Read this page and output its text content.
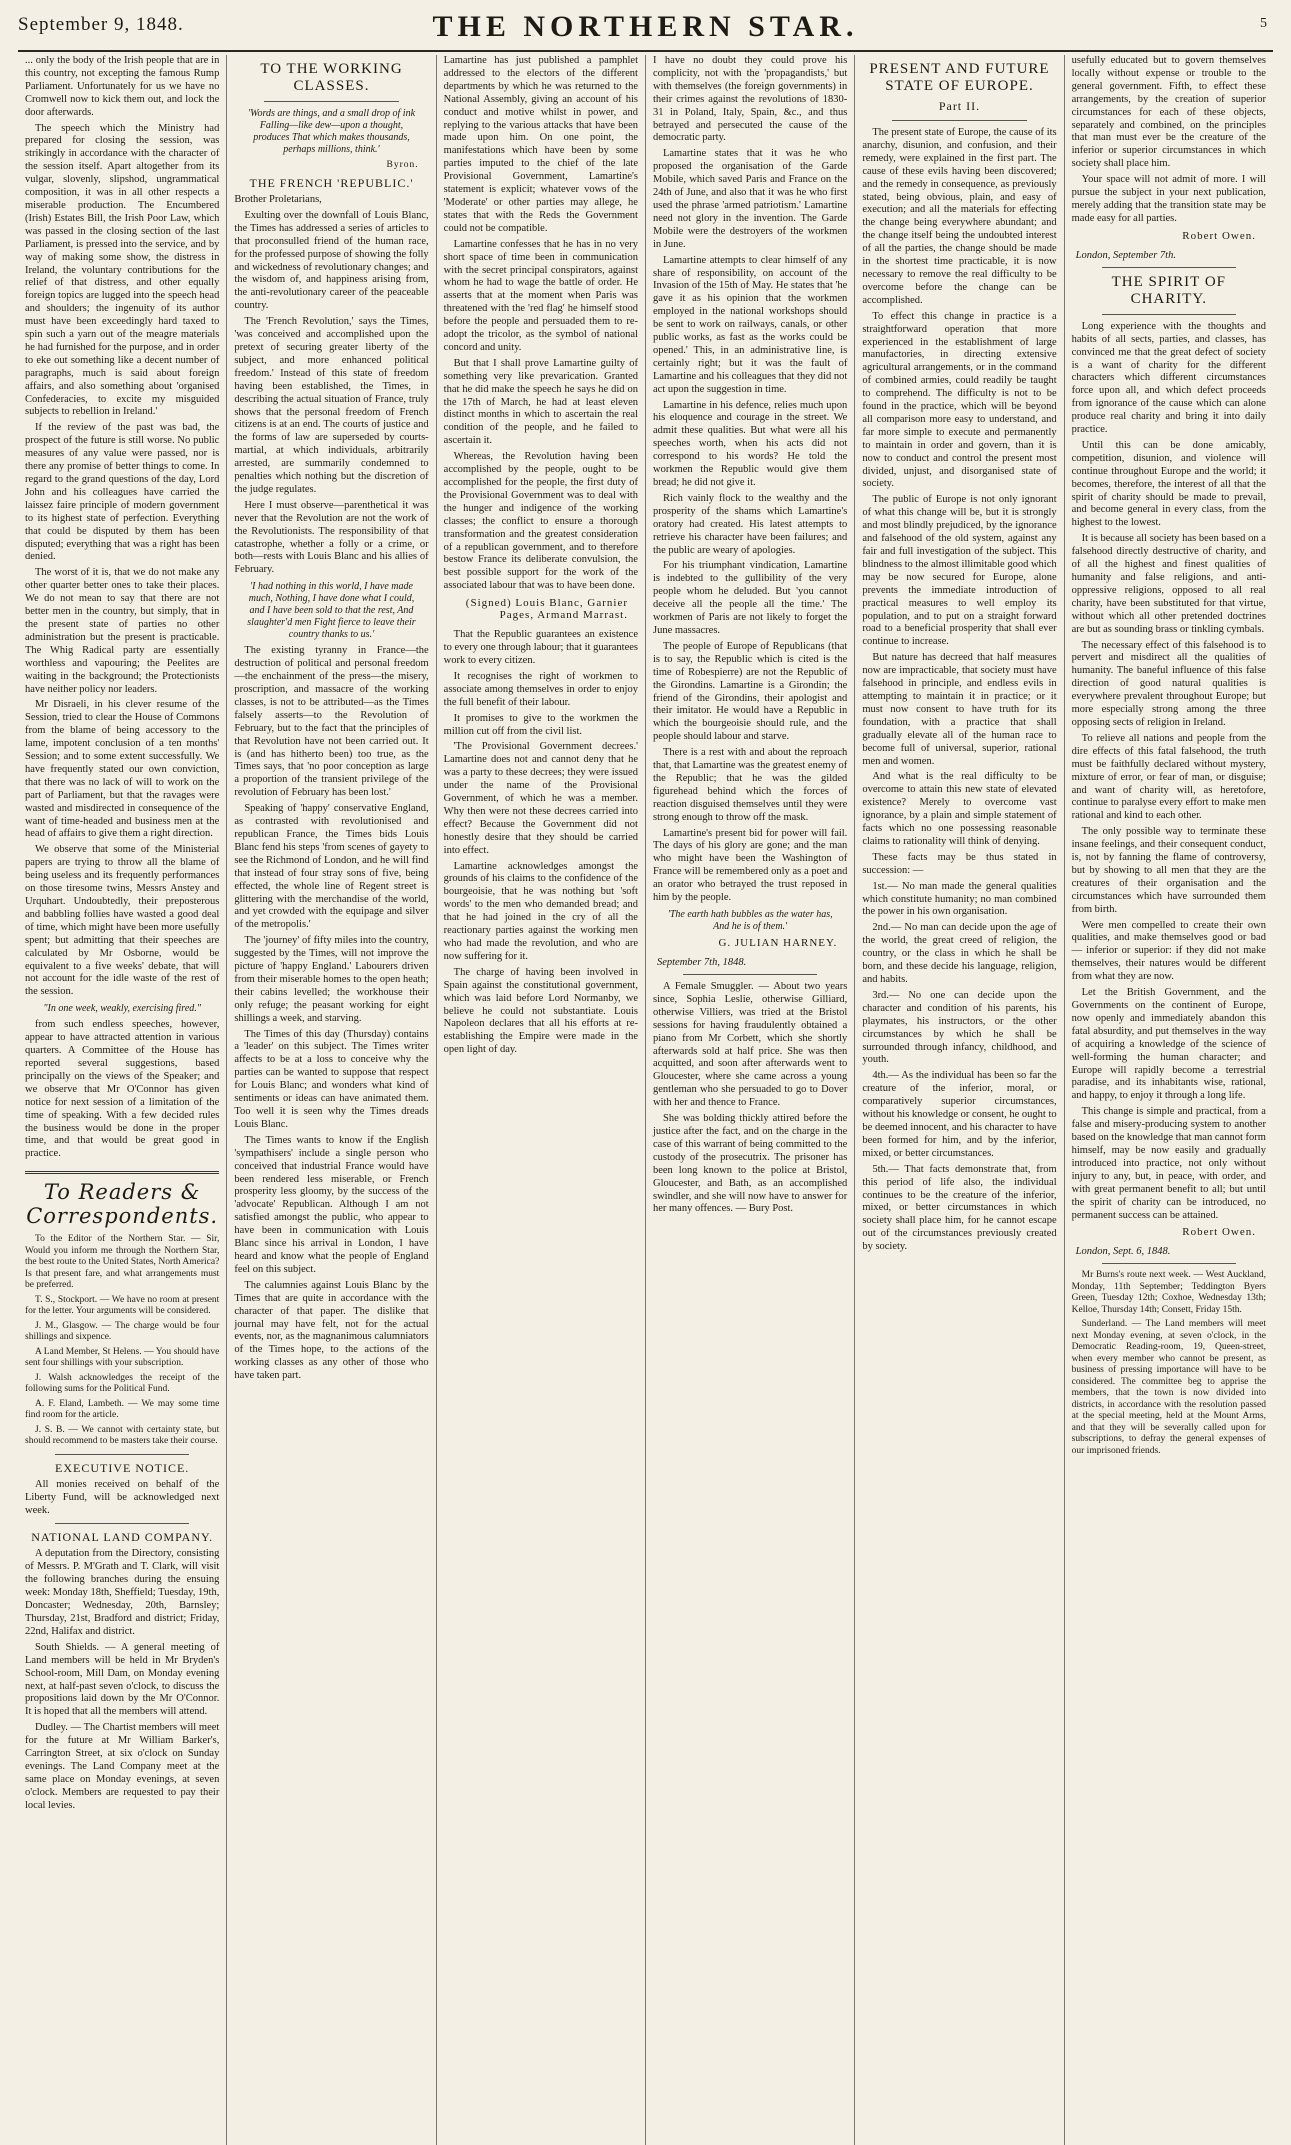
September 9, 1848.	THE NORTHERN STAR.	5

... only the body of the Irish people that are in this country, not excepting the famous Rump Parliament. Unfortunately for us we have no Cromwell now to kick them out, and lock the door afterwards.

The speech which the Ministry had prepared for closing the session, was strikingly in accordance with the character of the session itself. Apart altogether from its vulgar, slovenly, slipshod, ungrammatical composition, it was in all other respects a miserable production. The Encumbered (Irish) Estates Bill, the Irish Poor Law, which was passed in the closing section of the last Parliament, is pressed into the service, and by way of making some show, the distress in Ireland, the voluntary contributions for the relief of that distress, and other equally foreign topics are lugged into the speech head and shoulders; the ingenuity of its author must have been exceedingly hard taxed to spin such a yarn out of the meagre materials he had furnished for the purpose, and in order to eke out something like a decent number of paragraphs, much is said about foreign affairs, and also something about 'organised Confederacies, to excite my misguided subjects to rebellion in Ireland.'

If the review of the past was bad, the prospect of the future is still worse. No public measures of any value were passed, nor is there any promise of better things to come. In regard to the grand questions of the day, Lord John and his colleagues have carried the laissez faire principle of modern government to its highest state of perfection. Everything that could be disputed by them has been disputed; everything that was a right has been denied.

The worst of it is, that we do not make any other quarter better ones to take their places. We do not mean to say that there are not better men in the country, but simply, that in the present state of parties no other administration but the present is practicable. The Whig Radical party are essentially worthless and vapouring; the Peelites are waiting in the background; the Protectionists have neither policy nor leaders.

Mr Disraeli, in his clever resume of the Session, tried to clear the House of Commons from the blame of being accessory to the lame, impotent conclusion of a ten months' Session; and to some extent successfully. We have frequently stated our own conviction, that there was no lack of will to work on the part of Parliament, but that the ravages were wasted and misdirected in consequence of the want of time-headed and business men at the head of affairs to give them a right direction.

We observe that some of the Ministerial papers are trying to throw all the blame of being useless and its frequently performances on those tiresome twins, Messrs Anstey and Urquhart. Undoubtedly, their preposterous and babbling follies have wasted a good deal of time, which might have been more usefully spent; but admitting that their speeches are calculated by Mr Osborne, would be equivalent to a five weeks' debate, that will not account for the idle waste of the rest of the session.

"In one week, weakly, exercising fired."

from such endless speeches, however, appear to have attracted attention in various quarters. A Committee of the House has reported several suggestions, based principally on the views of the Speaker; and we observe that Mr O'Connor has given notice for next session of a limitation of the time of speaking. With a few decided rules the business would be done in the proper time, and that would be great good in practice.

To Readers & Correspondents.

To the Editor of the Northern Star. — Sir, Would you inform me through the Northern Star, the best route to the United States, North America? Is that present fare, and what arrangements must be preferred.

T. S., Stockport. — We have no room at present for the letter. Your arguments will be considered.

J. M., Glasgow. — The charge would be four shillings and sixpence.

A Land Member, St Helens. — You should have sent four shillings with your subscription.

J. Walsh acknowledges the receipt of the following sums for the Political Fund.

A. F. Eland, Lambeth. — We may some time find room for the article.

J. S. B. — We cannot with certainty state, but should recommend to be masters take their course.

EXECUTIVE NOTICE.

All monies received on behalf of the Liberty Fund, will be acknowledged next week.

NATIONAL LAND COMPANY.

A deputation from the Directory, consisting of Messrs. P. M'Grath and T. Clark, will visit the following branches during the ensuing week: Monday 18th, Sheffield; Tuesday, 19th, Doncaster; Wednesday, 20th, Barnsley; Thursday, 21st, Bradford and district; Friday, 22nd, Halifax and district.

South Shields. — A general meeting of Land members will be held in Mr Bryden's School-room, Mill Dam, on Monday evening next, at half-past seven o'clock, to discuss the propositions laid down by the Mr O'Connor. It is hoped that all the members will attend.

Dudley. — The Chartist members will meet for the future at Mr William Barker's, Carrington Street, at six o'clock on Sunday evenings. The Land Company meet at the same place on Monday evenings, at seven o'clock. Members are requested to pay their local levies.

TO THE WORKING CLASSES.
'Words are things, and a small drop of ink Falling—like dew—upon a thought, produces That which makes thousands, perhaps millions, think.'
Byron.
THE FRENCH 'REPUBLIC.'

Brother Proletarians,

Exulting over the downfall of Louis Blanc, the Times has addressed a series of articles to that proconsulled friend of the human race, for the professed purpose of showing the folly and wickedness of revolutionary changes; and the wisdom of, and happiness arising from, the anti-revolutionary career of the peaceable country.

The 'French Revolution,' says the Times, 'was conceived and accomplished upon the pretext of securing greater liberty of the subject, and more enhanced political freedom.' Instead of this state of freedom having been established, the Times, in describing the actual situation of France, truly shows that the personal freedom of French citizens is at an end. The courts of justice and the forms of law are superseded by courts-martial, at which individuals, arbitrarily arrested, are summarily condemned to penalties which nothing but the discretion of the judge regulates.

Here I must observe—parenthetical it was never that the Revolution are not the work of the Revolutionists. The responsibility of that catastrophe, whether a folly or a crime, or both—rests with Louis Blanc and his allies of February.

'I had nothing in this world, I have made much, Nothing, I have done what I could, and I have been sold to that the rest, And slaughter'd men Fight fierce to leave their country thanks to us.'

The existing tyranny in France—the destruction of political and personal freedom—the enchainment of the press—the misery, proscription, and massacre of the working classes, is not to be attributed—as the Times falsely asserts—to the Revolution of February, but to the fact that the principles of that Revolution have not been carried out. It is (and has hitherto been) too true, as the Times says, that 'no poor conception as large a proportion of the transient privilege of the revolution of February has been lost.'

Speaking of 'happy' conservative England, as contrasted with revolutionised and republican France, the Times bids Louis Blanc fend his steps 'from scenes of gayety to see the Richmond of London, and he will find that instead of four stray sons of five, being effected, the whole line of Regent street is glittering with the merchandise of the world, and yet crowded with the equipage and silver of the metropolis.'

The 'journey' of fifty miles into the country, suggested by the Times, will not improve the picture of 'happy England.' Labourers driven from their miserable homes to the open heath; their cabins levelled; the workhouse their only refuge; the peasant working for eight shillings a week, and starving.

The Times of this day (Thursday) contains a 'leader' on this subject. The Times writer affects to be at a loss to conceive why the parties can be wanted to suppose that respect for Louis Blanc; and wonders what kind of sentiments or ideas can have animated them. Too well it is seen why the Times dreads Louis Blanc.

The Times wants to know if the English 'sympathisers' include a single person who conceived that industrial France would have been rendered less miserable, or French prosperity less gloomy, by the success of the 'advocate' Republican. Although I am not satisfied amongst the public, who appear to have been in communication with Louis Blanc since his arrival in London, I have heard and know what the people of England feel on this subject.

The calumnies against Louis Blanc by the Times that are quite in accordance with the character of that paper. The dislike that journal may have felt, not for the actual events, nor, as the magnanimous calumniators of the Times hope, to the actions of the working classes as any other of those who have taken part.

Lamartine has just published a pamphlet addressed to the electors of the different departments by which he was returned to the National Assembly, giving an account of his conduct and motive whilst in power, and replying to the various attacks that have been made upon him. On one point, the manifestations which have been by some parties imputed to the chief of the late Provisional Government, Lamartine's statement is explicit; whatever vows of the 'Moderate' or other parties may allege, he states that with the Reds the Government could not be compatible.

Lamartine confesses that he has in no very short space of time been in communication with the secret principal conspirators, against whom he had to wage the battle of order. He asserts that at the moment when Paris was threatened with the 'red flag' he himself stood before the people and persuaded them to re-adopt the tricolor, as the symbol of national concord and unity.

But that I shall prove Lamartine guilty of something very like prevarication. Granted that he did make the speech he says he did on the 17th of March, he had at least eleven distinct months in which to ascertain the real condition of the people, and he failed to ascertain it.

Whereas, the Revolution having been accomplished by the people, ought to be accomplished for the people, the first duty of the Provisional Government was to deal with the hunger and indigence of the working classes; the conflict to ensure a thorough transformation and the greatest consideration of a republican government, and to therefore bestow France its deliberate convulsion, the best possible support for the work of the associated labour that was to have been done.

(Signed) Louis Blanc, Garnier Pages, Armand Marrast.

That the Republic guarantees an existence to every one through labour; that it guarantees work to every citizen.

It recognises the right of workmen to associate among themselves in order to enjoy the full benefit of their labour.

It promises to give to the workmen the million cut off from the civil list.

'The Provisional Government decrees.' Lamartine does not and cannot deny that he was a party to these decrees; they were issued under the name of the Provisional Government, of which he was a member. Why then were not these decrees carried into effect? Because the Government did not honestly desire that they should be carried into effect.

Lamartine acknowledges amongst the grounds of his claims to the confidence of the bourgeoisie, that he was nothing but 'soft words' to the men who demanded bread; and that he had joined in the cry of all the reactionary parties against the working men who had made the revolution, and who are now suffering for it.

The charge of having been involved in Spain against the constitutional government, which was laid before Lord Normanby, we believe he could not substantiate. Louis Napoleon declares that all his efforts at re-establishing the Empire were made in the open light of day.

I have no doubt they could prove his complicity, not with the 'propagandists,' but with themselves (the foreign governments) in their crimes against the revolutions of 1830-31 in Poland, Italy, Spain, &c., and thus betrayed and persecuted the cause of the democratic party.

Lamartine states that it was he who proposed the organisation of the Garde Mobile, which saved Paris and France on the 24th of June, and also that it was he who first used the phrase 'armed patriotism.' Lamartine need not glory in the invention. The Garde Mobile were the destroyers of the workmen in June.

Lamartine attempts to clear himself of any share of responsibility, on account of the Invasion of the 15th of May. He states that 'he gave it as his opinion that the workmen employed in the national workshops should be sent to work on railways, canals, or other public works, as fast as the works could be opened.' This, in an administrative line, is certainly right; but it was the fault of Lamartine and his colleagues that they did not act upon the suggestion in time.

Lamartine in his defence, relies much upon his eloquence and courage in the street. We admit these qualities. But what were all his speeches worth, when his acts did not correspond to his words? He told the workmen the Republic would give them bread; he did not give it.

Rich vainly flock to the wealthy and the prosperity of the shams which Lamartine's oratory had created. His latest attempts to retrieve his character have been failures; and the public are weary of apologies.

For his triumphant vindication, Lamartine is indebted to the gullibility of the very people whom he deluded. But 'you cannot deceive all the people all the time.' The workmen of Paris are not likely to forget the June massacres.

The people of Europe of Republicans (that is to say, the Republic which is cited is the time of Robespierre) are not the Republic of the Girondins. Lamartine is a Girondin; the friend of the Girondins, their apologist and their imitator. He would have a Republic in which the bourgeoisie should rule, and the people should labour and starve.

There is a rest with and about the reproach that, that Lamartine was the greatest enemy of the Republic; that he was the gilded figurehead behind which the forces of reaction disguised themselves until they were strong enough to throw off the mask.

Lamartine's present bid for power will fail. The days of his glory are gone; and the man who might have been the Washington of France will be remembered only as a poet and an orator who betrayed the trust reposed in him by the people.

'The earth hath bubbles as the water has, And he is of them.'
G. JULIAN HARNEY.
September 7th, 1848.

A Female Smuggler. — About two years since, Sophia Leslie, otherwise Gilliard, otherwise Villiers, was tried at the Bristol sessions for having fraudulently obtained a piano from Mr Corbett, which she shortly afterwards sold at half price. She was then acquitted, and soon after afterwards went to Gloucester, where she came across a young gentleman who she persuaded to go to Dover with her and thence to France.

She was bolding thickly attired before the justice after the fact, and on the charge in the case of this warrant of being committed to the custody of the prosecutrix. The prisoner has been long known to the police at Bristol, Gloucester, and Bath, as an accomplished swindler, and she will now have to answer for her many offences. — Bury Post.

PRESENT AND FUTURE STATE OF EUROPE.
Part II.

The present state of Europe, the cause of its anarchy, disunion, and confusion, and their remedy, were explained in the first part. The cause of these evils having been discovered; and the remedy in consequence, as previously stated, being obvious, plain, and easy of execution; and all the materials for effecting the change being everywhere abundant; and the change itself being the undoubted interest of all the parties, the change should be made in the shortest time practicable, it is now necessary to remove the real difficulty to be overcome before the change can be accomplished.

To effect this change in practice is a straightforward operation that more experienced in the establishment of large manufactories, in directing extensive agricultural arrangements, or in the command of combined armies, could readily be taught to comprehend. The difficulty is not to be found in the practice, which will be beyond all comparison more easy to understand, and far more simple to execute and permanently to maintain in order and govern, than it is now to conduct and control the present most divided, unjust, and disorganised state of society.

The public of Europe is not only ignorant of what this change will be, but it is strongly and most blindly prejudiced, by the ignorance and falsehood of the old system, against any fair and full investigation of the subject. This blindness to the almost illimitable good which may be now secured for Europe, alone prevents the immediate introduction of practical measures to well employ its population, and to put on a straight forward road to a beneficial prosperity that shall ever continue to increase.

But nature has decreed that half measures now are impracticable, that society must have falsehood in principle, and endless evils in attempting to maintain it in practice; or it must now consent to have truth for its foundation, with a practice that shall gradually elevate all of the human race to become full of universal, superior, rational men and women.

And what is the real difficulty to be overcome to attain this new state of elevated existence? Merely to overcome vast ignorance, by a plain and simple statement of facts which no one possessing reasonable claims to rationality will think of denying.

These facts may be thus stated in succession: —

1st.— No man made the general qualities which constitute humanity; no man combined the power in his own organisation.

2nd.— No man can decide upon the age of the world, the great creed of religion, the country, or the class in which he shall be born, and these decide his language, religion, and habits.

3rd.— No one can decide upon the character and condition of his parents, his playmates, his instructors, or the other circumstances by which he shall be surrounded through infancy, childhood, and youth.

4th.— As the individual has been so far the creature of the inferior, moral, or comparatively superior circumstances, without his knowledge or consent, he ought to be deemed innocent, and his character to have been formed for him, and by the inferior, mixed, or better circumstances.

5th.— That facts demonstrate that, from this period of life also, the individual continues to be the creature of the inferior, mixed, or better circumstances in which society shall place him, for he cannot escape out of the circumstances previously created by society.

usefully educated but to govern themselves locally without expense or trouble to the general government. Fifth, to effect these arrangements, by the creation of superior circumstances for each of these objects, separately and combined, on the principles that man must ever be the creature of the inferior or superior circumstances in which society shall place him.

Your space will not admit of more. I will pursue the subject in your next publication, merely adding that the transition state may be made easy for all parties.

Robert Owen.
London, September 7th.
THE SPIRIT OF CHARITY.

Long experience with the thoughts and habits of all sects, parties, and classes, has convinced me that the great defect of society is a want of charity for the different characters which different circumstances force upon all, and which defect proceeds from ignorance of the cause which can alone produce real charity and bring it into daily practice.

Until this can be done amicably, competition, disunion, and violence will continue throughout Europe and the world; it becomes, therefore, the interest of all that the spirit of charity should be made to prevail, and become general in every class, from the highest to the lowest.

It is because all society has been based on a falsehood directly destructive of charity, and of all the highest and finest qualities of humanity and false religions, and anti-oppressive religions, opposed to all real charity, have been substituted for that virtue, without which all other pretended doctrines are but as sounding brass or tinkling cymbals.

The necessary effect of this falsehood is to pervert and misdirect all the qualities of humanity. The baneful influence of this false direction of good natural qualities is everywhere prevalent throughout Europe; but more especially strong among the three opposing sects of religion in Ireland.

To relieve all nations and people from the dire effects of this fatal falsehood, the truth must be faithfully declared without mystery, mixture of error, or fear of man, or disguise; and want of charity will, as heretofore, continue to paralyse every effort to make men rational and kind to each other.

The only possible way to terminate these insane feelings, and their consequent conduct, is, not by fanning the flame of controversy, but by showing to all men that they are the creatures of their organisation and the circumstances which have surrounded them from birth.

Were men compelled to create their own qualities, and make themselves good or bad — inferior or superior: if they did not make themselves, their natures would be different from what they are now.

Let the British Government, and the Governments on the continent of Europe, now openly and immediately abandon this fatal absurdity, and put themselves in the way of acquiring a knowledge of the science of well-forming the human character; and Europe will rapidly become a terrestrial paradise, and its inhabitants wise, rational, and happy, to enjoy it through a long life.

This change is simple and practical, from a false and misery-producing system to another based on the knowledge that man cannot form himself, may be now easily and gradually introduced into practice, not only without injury to any, but, in peace, with order, and with great permanent benefit to all; but until the spirit of charity can be introduced, no permanent success can be attained.

Robert Owen.
London, Sept. 6, 1848.

Mr Burns's route next week. — West Auckland, Monday, 11th September; Teddington Byers Green, Tuesday 12th; Coxhoe, Wednesday 13th; Kelloe, Thursday 14th; Consett, Friday 15th.

Sunderland. — The Land members will meet next Monday evening, at seven o'clock, in the Democratic Reading-room, 19, Queen-street, when every member who cannot be present, as business of pressing importance will have to be considered. The committee beg to apprise the members, that the town is now divided into districts, in accordance with the resolution passed at the special meeting, held at the Mount Arms, and that they will be severally called upon for subscriptions, to defray the general expenses of our imprisoned friends.
